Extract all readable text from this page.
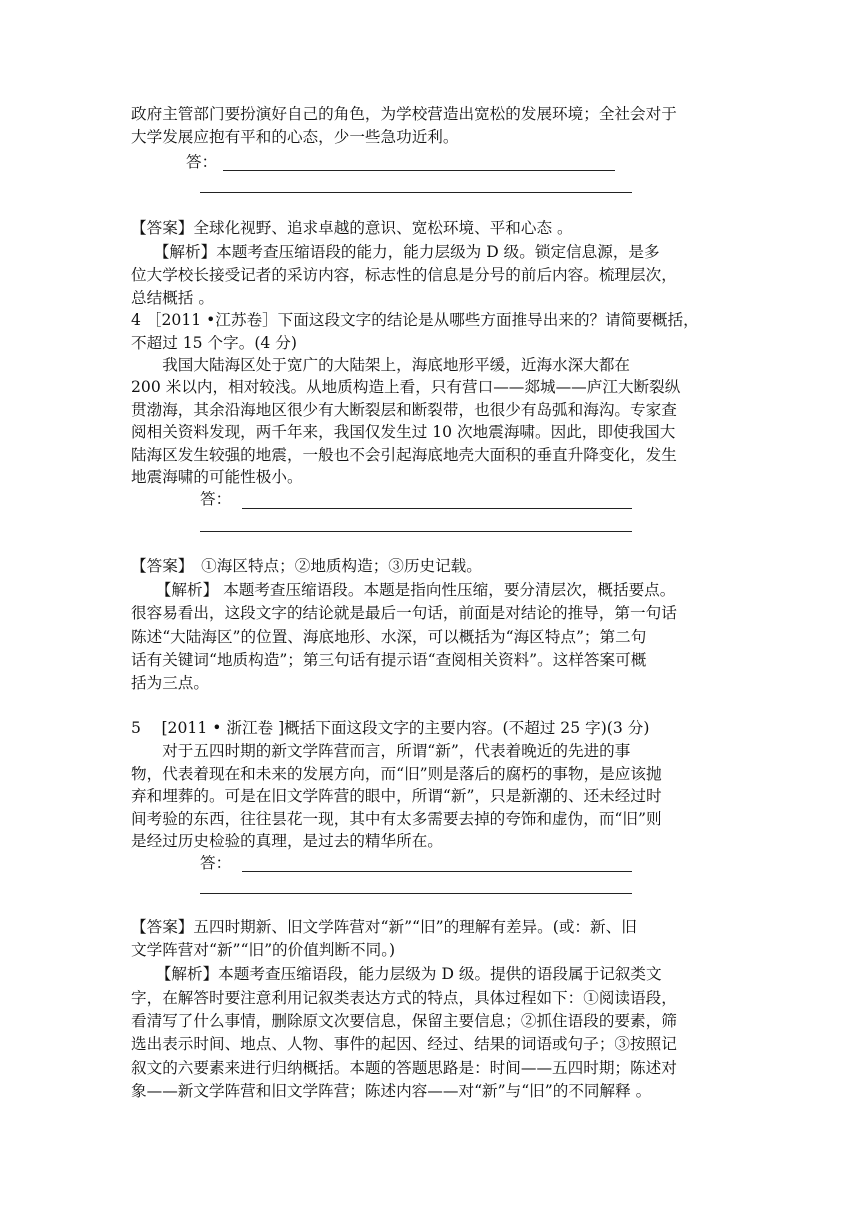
政府主管部门要扮演好自己的角色，为学校营造出宽松的发展环境；全社会对于
大学发展应抱有平和的心态，少一些急功近利。
答：
【答案】全球化视野、追求卓越的意识、宽松环境、平和心态 。
　【解析】本题考查压缩语段的能力，能力层级为 D 级。锁定信息源，是多
位大学校长接受记者的采访内容，标志性的信息是分号的前后内容。梳理层次，
总结概括 。
4 ［2011 •江苏卷］下面这段文字的结论是从哪些方面推导出来的？请简要概括，
不超过 15 个字。(4 分)
　　我国大陆海区处于宽广的大陆架上，海底地形平缓，近海水深大都在
200 米以内，相对较浅。从地质构造上看，只有营口——郯城——庐江大断裂纵
贯渤海，其余沿海地区很少有大断裂层和断裂带，也很少有岛弧和海沟。专家查
阅相关资料发现，两千年来，我国仅发生过 10 次地震海啸。因此，即使我国大
陆海区发生较强的地震，一般也不会引起海底地壳大面积的垂直升降变化，发生
地震海啸的可能性极小。
答：
【答案】　①海区特点；②地质构造；③历史记载。
　【解析】 本题考查压缩语段。本题是指向性压缩，要分清层次，概括要点。
很容易看出，这段文字的结论就是最后一句话，前面是对结论的推导，第一句话
陈述“大陆海区”的位置、海底地形、水深，可以概括为“海区特点”；第二句
话有关键词“地质构造”；第三句话有提示语“查阅相关资料”。这样答案可概
括为三点。
5　 [2011 • 浙江卷 ]概括下面这段文字的主要内容。(不超过 25 字)(3 分)
　　对于五四时期的新文学阵营而言，所谓“新”，代表着晚近的先进的事
物，代表着现在和未来的发展方向，而“旧”则是落后的腐朽的事物，是应该抛
弃和埋葬的。可是在旧文学阵营的眼中，所谓“新”，只是新潮的、还未经过时
间考验的东西，往往昙花一现，其中有太多需要去掉的夸饰和虚伪，而“旧”则
是经过历史检验的真理，是过去的精华所在。
答：
【答案】五四时期新、旧文学阵营对“新”“旧”的理解有差异。(或：新、旧
文学阵营对“新”“旧”的价值判断不同。)
　【解析】本题考查压缩语段，能力层级为 D 级。提供的语段属于记叙类文
字，在解答时要注意利用记叙类表达方式的特点，具体过程如下：①阅读语段，
看清写了什么事情，删除原文次要信息，保留主要信息；②抓住语段的要素，筛
选出表示时间、地点、人物、事件的起因、经过、结果的词语或句子；③按照记
叙文的六要素来进行归纳概括。本题的答题思路是：时间——五四时期；陈述对
象——新文学阵营和旧文学阵营；陈述内容——对“新”与“旧”的不同解释 。
